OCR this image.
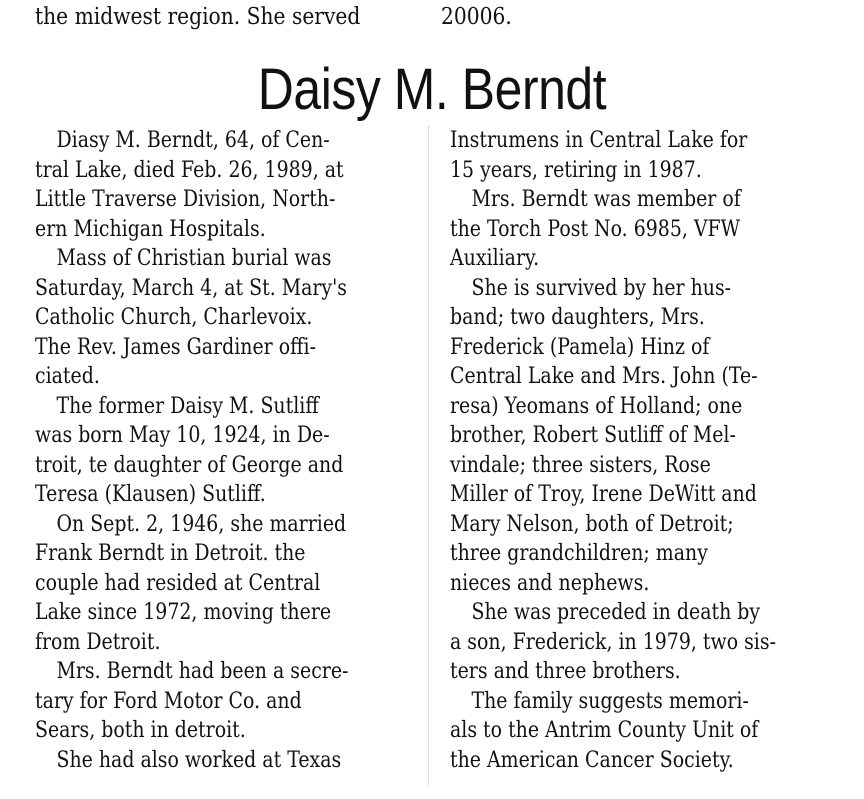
the midwest region. She served	20006.
Daisy M. Berndt
Diasy M. Berndt, 64, of Cen-
tral Lake, died Feb. 26, 1989, at
Little Traverse Division, North-
ern Michigan Hospitals.
Mass of Christian burial was
Saturday, March 4, at St. Mary's
Catholic Church, Charlevoix.
The Rev. James Gardiner offi-
ciated.
The former Daisy M. Sutliff
was born May 10, 1924, in De-
troit, te daughter of George and
Teresa (Klausen) Sutliff.
On Sept. 2, 1946, she married
Frank Berndt in Detroit. the
couple had resided at Central
Lake since 1972, moving there
from Detroit.
Mrs. Berndt had been a secre-
tary for Ford Motor Co. and
Sears, both in detroit.
She had also worked at Texas
Instrumens in Central Lake for
15 years, retiring in 1987.
Mrs. Berndt was member of
the Torch Post No. 6985, VFW
Auxiliary.
She is survived by her hus-
band; two daughters, Mrs.
Frederick (Pamela) Hinz of
Central Lake and Mrs. John (Te-
resa) Yeomans of Holland; one
brother, Robert Sutliff of Mel-
vindale; three sisters, Rose
Miller of Troy, Irene DeWitt and
Mary Nelson, both of Detroit;
three grandchildren; many
nieces and nephews.
She was preceded in death by
a son, Frederick, in 1979, two sis-
ters and three brothers.
The family suggests memori-
als to the Antrim County Unit of
the American Cancer Society.
